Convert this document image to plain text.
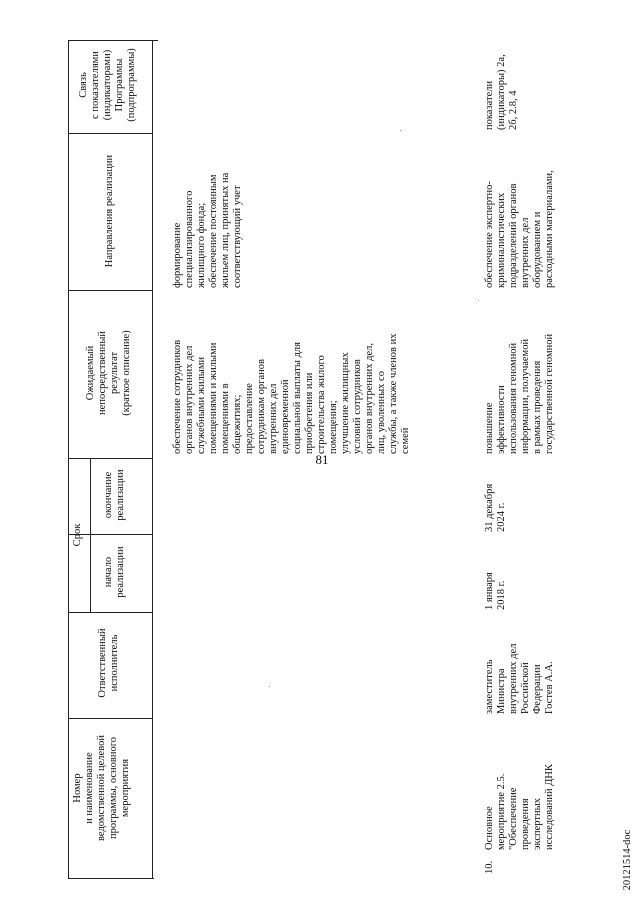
81
20121514-doc
Номер и наименование ведомственной целевой программы, основного мероприятия
Ответственный исполнитель
Срок
начало реализации
окончание реализации
Ожидаемый непосредственный результат (краткое описание)
Направления реализации
Связь с показателями (индикаторами) Программы (подпрограммы)
обеспечение сотрудников органов внутренних дел служебными жилыми помещениями и жилыми помещениями в общежитиях; предоставление сотрудникам органов внутренних дел единовременной социальной выплаты для приобретения или строительства жилого помещения; улучшение жилищных условий сотрудников органов внутренних дел, лиц, уволенных со службы, а также членов их семей
формирование специализированного жилищного фонда; обеспечение постоянным жильем лиц, принятых на соответствующий учет
10.
Основное мероприятие 2.5. "Обеспечение проведения экспертных исследований ДНК
заместитель Министра внутренних дел Российской Федерации Гостев А.А.
1 января 2018 г.
31 декабря 2024 г.
повышение эффективности использования геномной информации, получаемой в рамках проведения государственной геномной
обеспечение экспертно- криминалистических подразделений органов внутренних дел оборудованием и расходными материалами,
показатели (индикаторы) 2а, 2б, 2.8, 4
